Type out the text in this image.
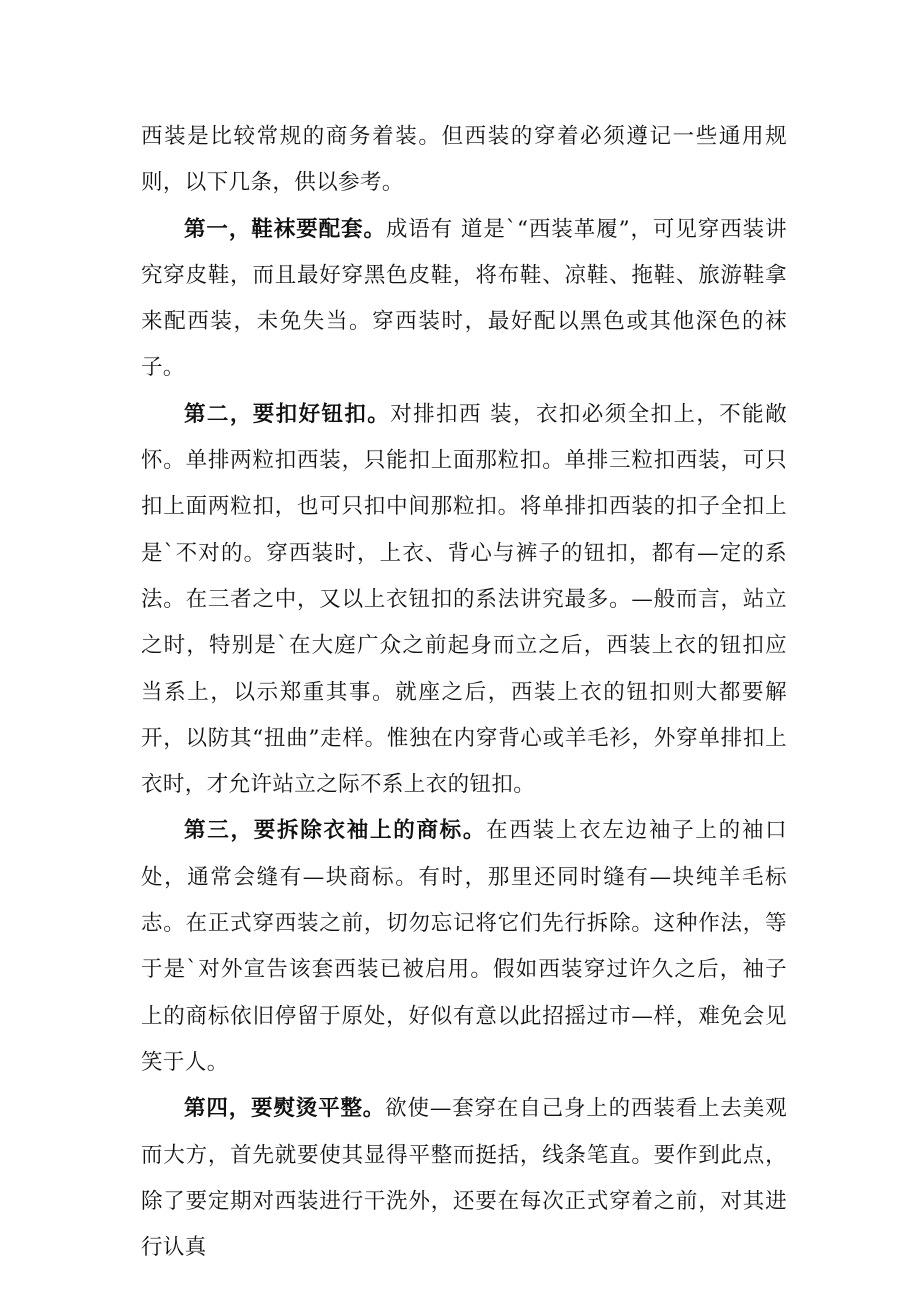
西装是比较常规的商务着装。但西装的穿着必须遵记一些通用规则，以下几条，供以参考。

第一，鞋袜要配套。成语有 道是`“西装革履”，可见穿西装讲究穿皮鞋，而且最好穿黑色皮鞋，将布鞋、凉鞋、拖鞋、旅游鞋拿来配西装，未免失当。穿西装时，最好配以黑色或其他深色的袜子。

第二，要扣好钮扣。对排扣西 装，衣扣必须全扣上，不能敞怀。单排两粒扣西装，只能扣上面那粒扣。单排三粒扣西装，可只扣上面两粒扣，也可只扣中间那粒扣。将单排扣西装的扣子全扣上是`不对的。穿西装时，上衣、背心与裤子的钮扣，都有—定的系法。在三者之中，又以上衣钮扣的系法讲究最多。—般而言，站立之时，特别是`在大庭广众之前起身而立之后，西装上衣的钮扣应当系上，以示郑重其事。就座之后，西装上衣的钮扣则大都要解开，以防其“扭曲”走样。惟独在内穿背心或羊毛衫，外穿单排扣上衣时，才允许站立之际不系上衣的钮扣。

第三，要拆除衣袖上的商标。在西装上衣左边袖子上的袖口处，通常会缝有—块商标。有时，那里还同时缝有—块纯羊毛标志。在正式穿西装之前，切勿忘记将它们先行拆除。这种作法，等于是`对外宣告该套西装已被启用。假如西装穿过许久之后，袖子上的商标依旧停留于原处，好似有意以此招摇过市—样，难免会见笑于人。

第四，要熨烫平整。欲使—套穿在自己身上的西装看上去美观而大方，首先就要使其显得平整而挺括，线条笔直。要作到此点，除了要定期对西装进行干洗外，还要在每次正式穿着之前，对其进行认真
